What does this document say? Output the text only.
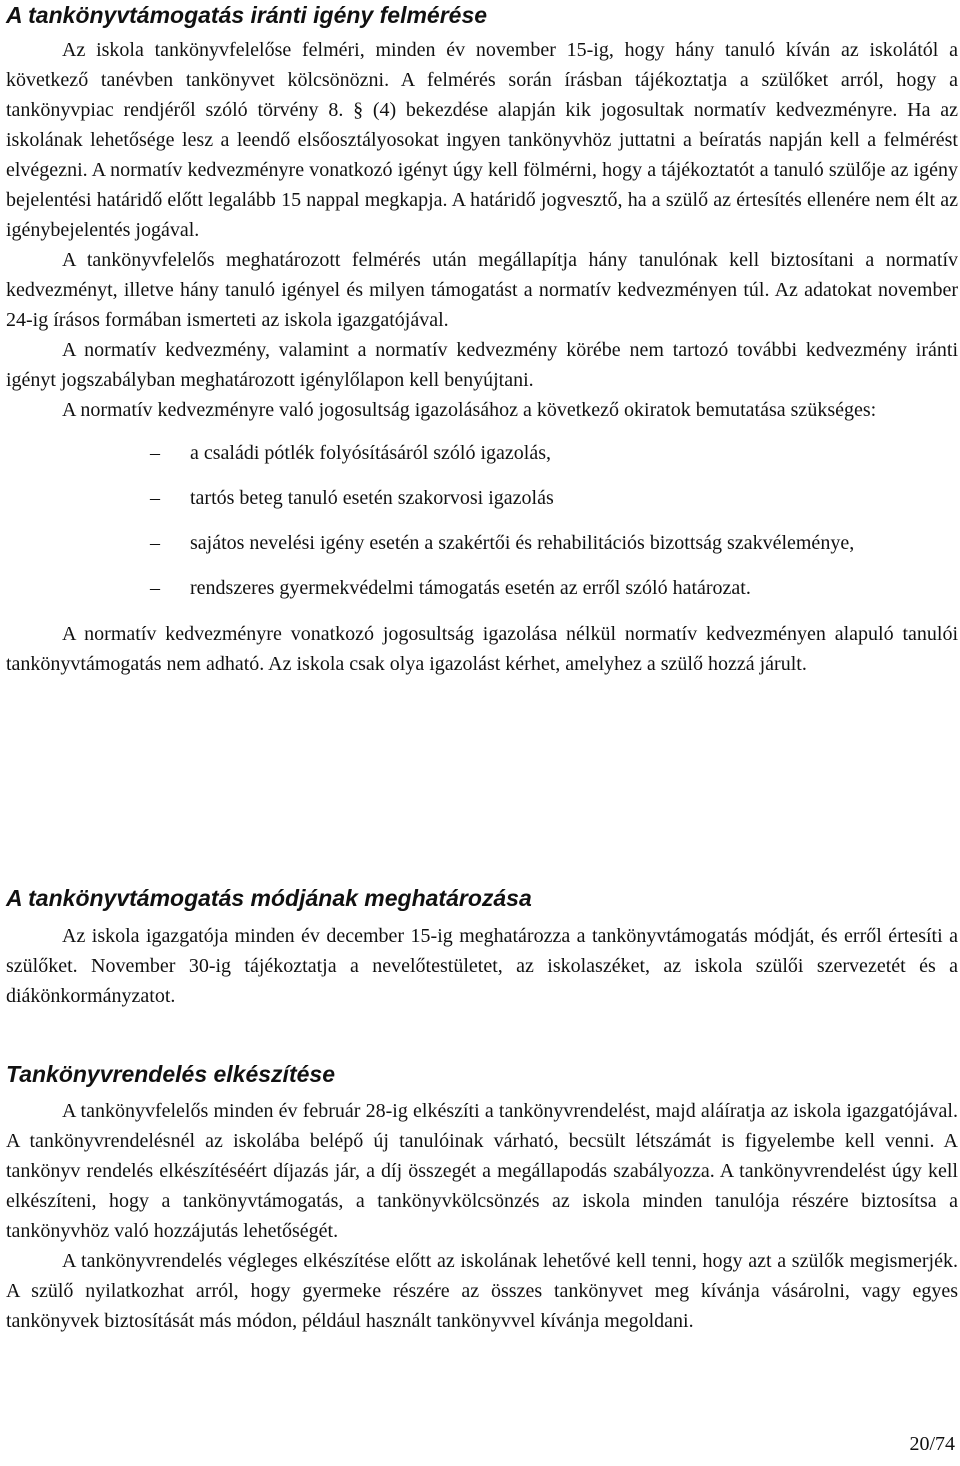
A tankönyvtámogatás iránti igény felmérése

Az iskola tankönyvfelelőse felméri, minden év november 15-ig, hogy hány tanuló kíván az iskolától a következő tanévben tankönyvet kölcsönözni. A felmérés során írásban tájékoztatja a szülőket arról, hogy a tankönyvpiac rendjéről szóló törvény 8. § (4) bekezdése alapján kik jogosultak normatív kedvezményre. Ha az iskolának lehetősége lesz a leendő elsőosztályosokat ingyen tankönyvhöz juttatni a beíratás napján kell a felmérést elvégezni. A normatív kedvezményre vonatkozó igényt úgy kell fölmérni, hogy a tájékoztatót a tanuló szülője az igény bejelentési határidő előtt legalább 15 nappal megkapja. A határidő jogvesztő, ha a szülő az értesítés ellenére nem élt az igénybejelentés jogával.

A tankönyvfelelős meghatározott felmérés után megállapítja hány tanulónak kell biztosítani a normatív kedvezményt, illetve hány tanuló igényel és milyen támogatást a normatív kedvezményen túl. Az adatokat november 24-ig írásos formában ismerteti az iskola igazgatójával.

A normatív kedvezmény, valamint a normatív kedvezmény körébe nem tartozó további kedvezmény iránti igényt jogszabályban meghatározott igénylőlapon kell benyújtani.

A normatív kedvezményre való jogosultság igazolásához a következő okiratok bemutatása szükséges:

–	a családi pótlék folyósításáról szóló igazolás,
–	tartós beteg tanuló esetén szakorvosi igazolás
–	sajátos nevelési igény esetén a szakértői és rehabilitációs bizottság szakvéleménye,
–	rendszeres gyermekvédelmi támogatás esetén az erről szóló határozat.

A normatív kedvezményre vonatkozó jogosultság igazolása nélkül normatív kedvezményen alapuló tanulói tankönyvtámogatás nem adható. Az iskola csak olya igazolást kérhet, amelyhez a szülő hozzá járult.

A tankönyvtámogatás módjának meghatározása

Az iskola igazgatója minden év december 15-ig meghatározza a tankönyvtámogatás módját, és erről értesíti a szülőket. November 30-ig tájékoztatja a nevelőtestületet, az iskolaszéket, az iskola szülői szervezetét és a diákönkormányzatot.

Tankönyvrendelés elkészítése

A tankönyvfelelős minden év február 28-ig elkészíti a tankönyvrendelést, majd aláíratja az iskola igazgatójával. A tankönyvrendelésnél az iskolába belépő új tanulóinak várható, becsült létszámát is figyelembe kell venni. A tankönyv rendelés elkészítéséért díjazás jár, a díj összegét a megállapodás szabályozza. A tankönyvrendelést úgy kell elkészíteni, hogy a tankönyvtámogatás, a tankönyvkölcsönzés az iskola minden tanulója részére biztosítsa a tankönyvhöz való hozzájutás lehetőségét.

A tankönyvrendelés végleges elkészítése előtt az iskolának lehetővé kell tenni, hogy azt a szülők megismerjék. A szülő nyilatkozhat arról, hogy gyermeke részére az összes tankönyvet meg kívánja vásárolni, vagy egyes tankönyvek biztosítását más módon, például használt tankönyvvel kívánja megoldani.

20/74
